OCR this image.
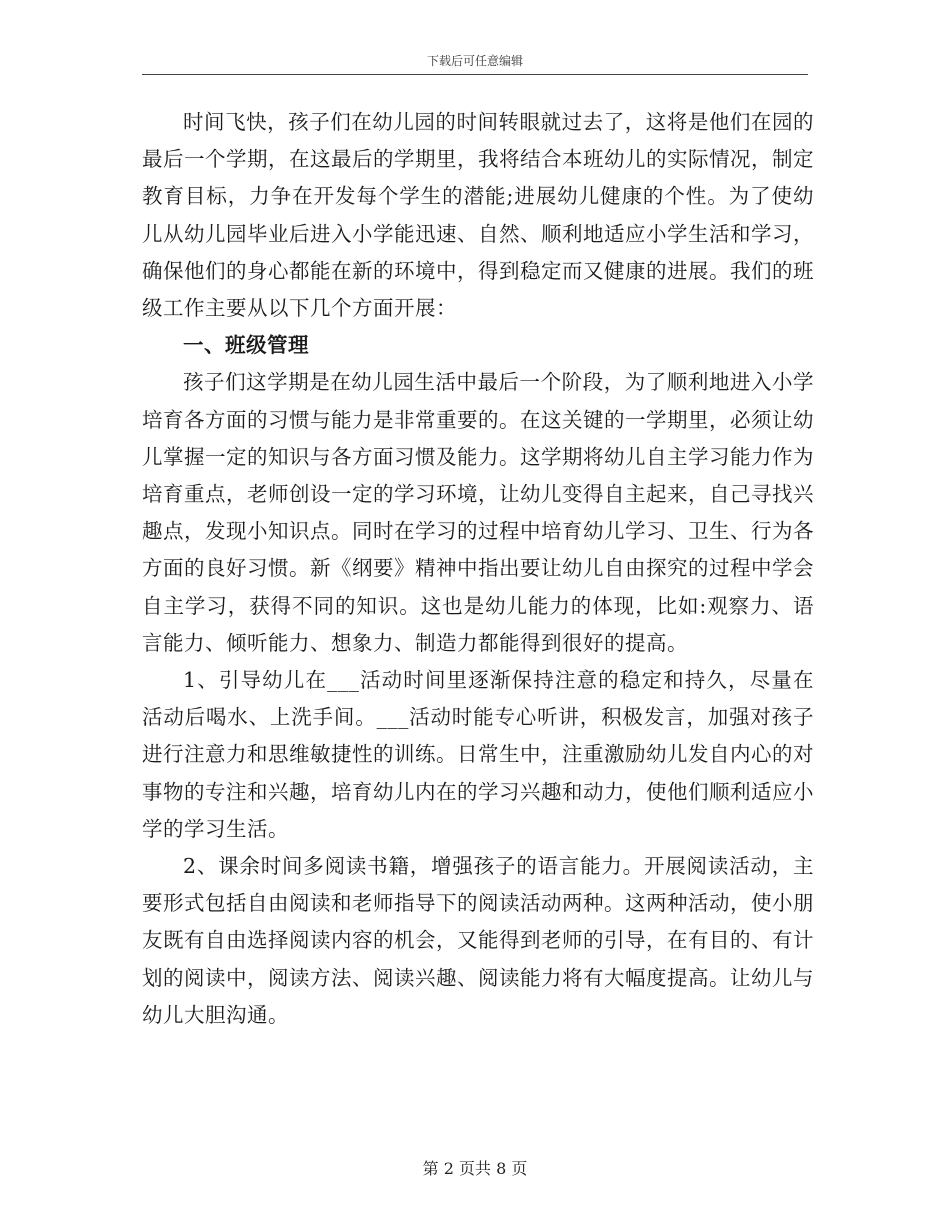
下载后可任意编辑

时间飞快，孩子们在幼儿园的时间转眼就过去了，这将是他们在园的最后一个学期，在这最后的学期里，我将结合本班幼儿的实际情况，制定教育目标，力争在开发每个学生的潜能;进展幼儿健康的个性。为了使幼儿从幼儿园毕业后进入小学能迅速、自然、顺利地适应小学生活和学习，确保他们的身心都能在新的环境中，得到稳定而又健康的进展。我们的班级工作主要从以下几个方面开展：

一、班级管理

孩子们这学期是在幼儿园生活中最后一个阶段，为了顺利地进入小学培育各方面的习惯与能力是非常重要的。在这关键的一学期里，必须让幼儿掌握一定的知识与各方面习惯及能力。这学期将幼儿自主学习能力作为培育重点，老师创设一定的学习环境，让幼儿变得自主起来，自己寻找兴趣点，发现小知识点。同时在学习的过程中培育幼儿学习、卫生、行为各方面的良好习惯。新《纲要》精神中指出要让幼儿自由探究的过程中学会自主学习，获得不同的知识。这也是幼儿能力的体现，比如:观察力、语言能力、倾听能力、想象力、制造力都能得到很好的提高。

1、引导幼儿在___活动时间里逐渐保持注意的稳定和持久，尽量在活动后喝水、上洗手间。___活动时能专心听讲，积极发言，加强对孩子进行注意力和思维敏捷性的训练。日常生中，注重激励幼儿发自内心的对事物的专注和兴趣，培育幼儿内在的学习兴趣和动力，使他们顺利适应小学的学习生活。

2、课余时间多阅读书籍，增强孩子的语言能力。开展阅读活动，主要形式包括自由阅读和老师指导下的阅读活动两种。这两种活动，使小朋友既有自由选择阅读内容的机会，又能得到老师的引导，在有目的、有计划的阅读中，阅读方法、阅读兴趣、阅读能力将有大幅度提高。让幼儿与幼儿大胆沟通。

第 2 页共 8 页
